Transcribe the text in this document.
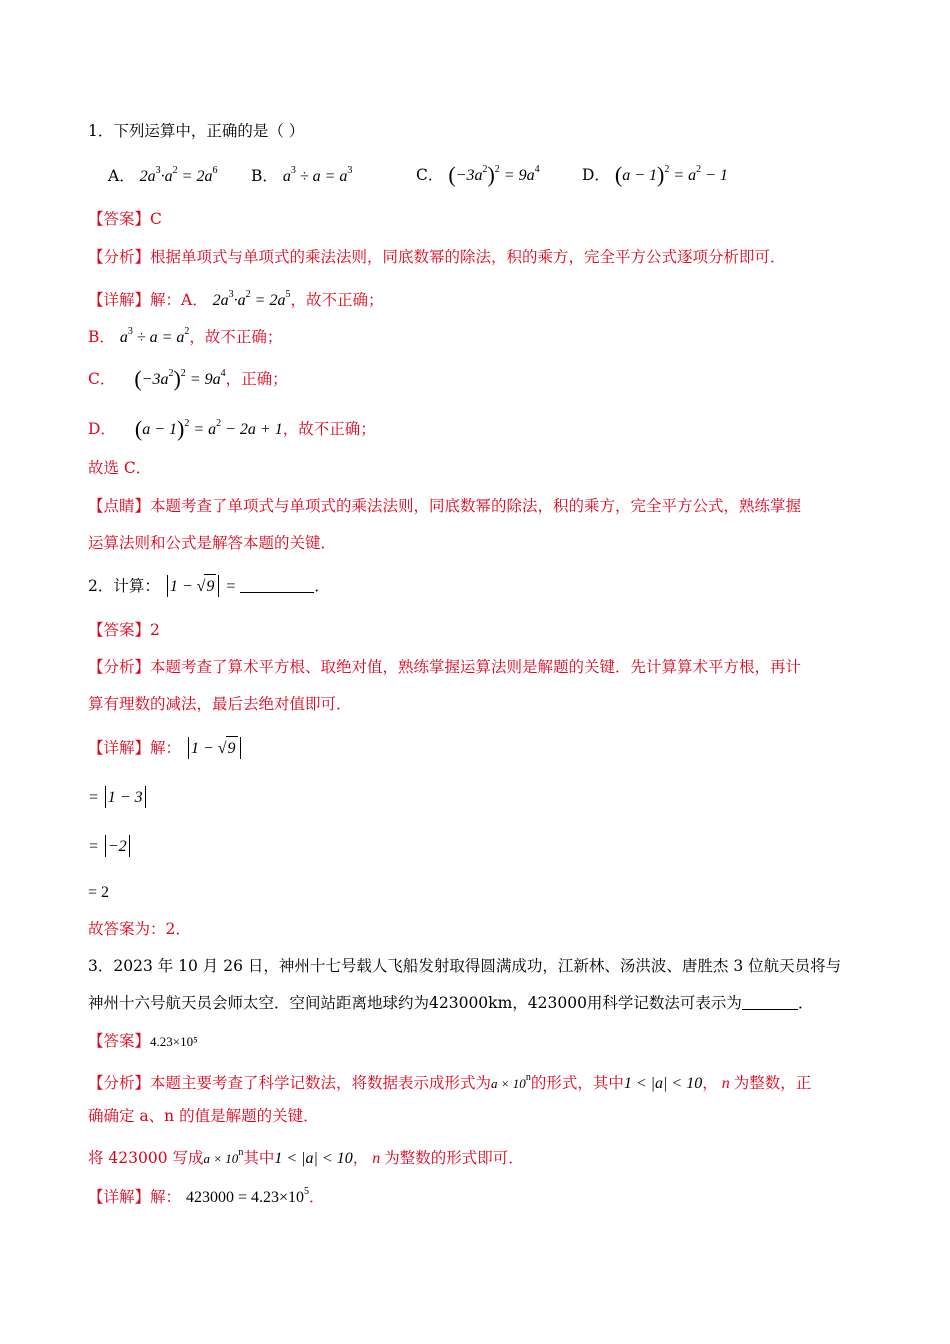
1．下列运算中，正确的是（ ）
A． $2a^3\cdot a^2 = 2a^6$ B． $a^3 \div a = a^3$	C． $(-3a^2)^2 = 9a^4$	D． $(a - 1)^2 = a^2 - 1$
【答案】C
【分析】根据单项式与单项式的乘法法则，同底数幂的除法，积的乘方，完全平方公式逐项分析即可．
【详解】解：A． $2a^3\cdot a^2 = 2a^5$，故不正确；
B． $a^3 \div a = a^2$，故不正确；
C． $(-3a^2)^2 = 9a^4$，正确；
D． $(a - 1)^2 = a^2 - 2a + 1$，故不正确；
故选 C．
【点睛】本题考查了单项式与单项式的乘法法则，同底数幂的除法，积的乘方，完全平方公式，熟练掌握
运算法则和公式是解答本题的关键．
2．计算： 1 − √9 =	．
【答案】2
【分析】本题考查了算术平方根、取绝对值，熟练掌握运算法则是解题的关键．先计算算术平方根，再计
算有理数的减法，最后去绝对值即可．
【详解】解： 1 − √9
= 1 − 3
= −2
= 2
故答案为：2．
3．2023 年 10 月 26 日，神州十七号载人飞船发射取得圆满成功，江新林、汤洪波、唐胜杰 3 位航天员将与
神州十六号航天员会师太空．空间站距离地球约为423000km，423000用科学记数法可表示为	．
【答案】4.23×10⁵
【分析】本题主要考查了科学记数法，将数据表示成形式为$a \times 10^n$的形式，其中1 < |a| < 10， n 为整数，正
确确定 a、n 的值是解题的关键．
将 423000 写成$a \times 10^n$其中1 < |a| < 10， n 为整数的形式即可．
【详解】解： $423000 = 4.23\times 10^5$．
